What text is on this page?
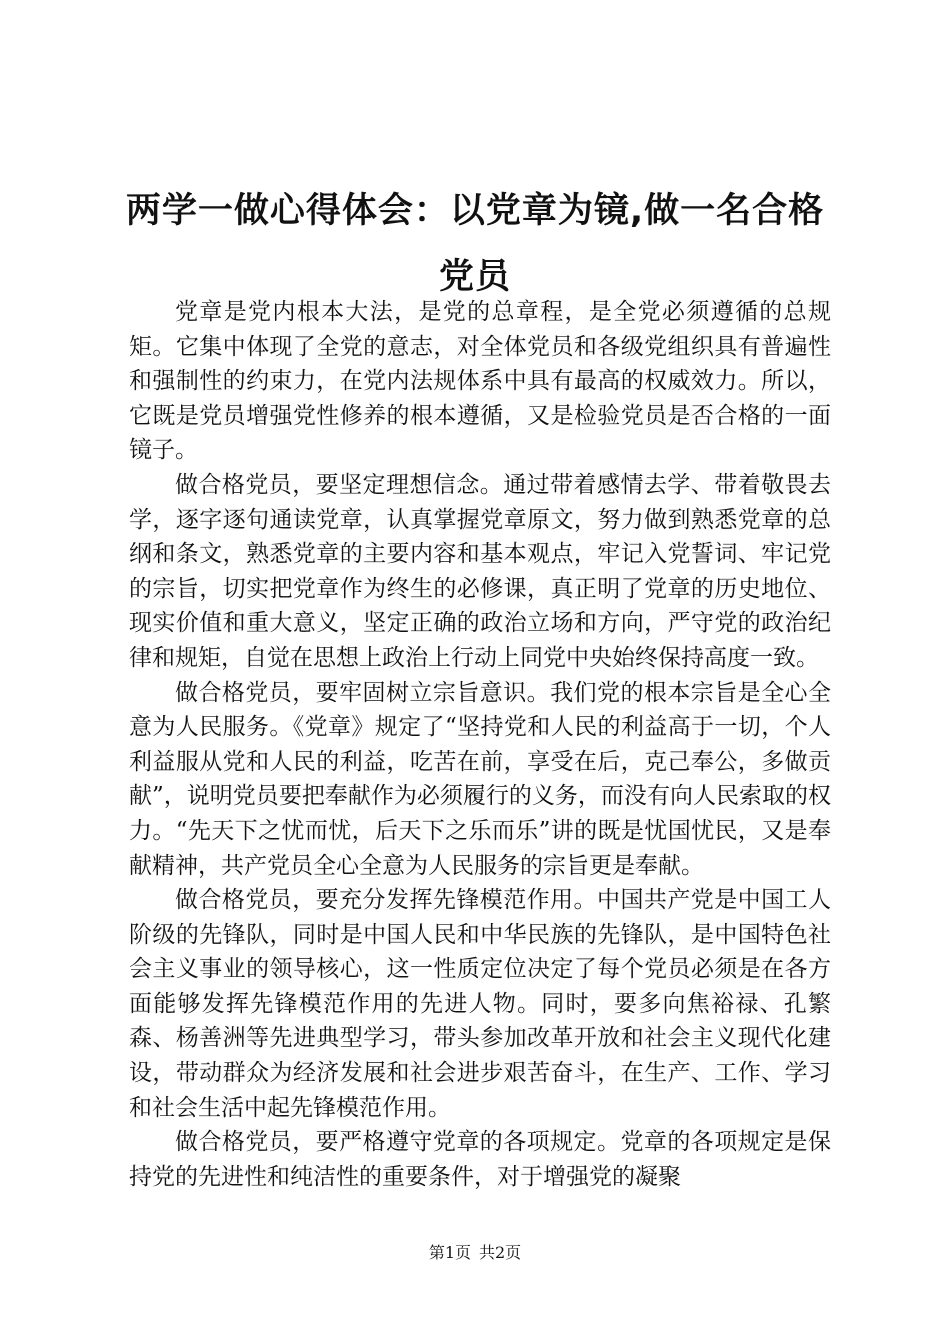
两学一做心得体会：以党章为镜,做一名合格党员

党章是党内根本大法，是党的总章程，是全党必须遵循的总规矩。它集中体现了全党的意志，对全体党员和各级党组织具有普遍性和强制性的约束力，在党内法规体系中具有最高的权威效力。所以，它既是党员增强党性修养的根本遵循，又是检验党员是否合格的一面镜子。

做合格党员，要坚定理想信念。通过带着感情去学、带着敬畏去学，逐字逐句通读党章，认真掌握党章原文，努力做到熟悉党章的总纲和条文，熟悉党章的主要内容和基本观点，牢记入党誓词、牢记党的宗旨，切实把党章作为终生的必修课，真正明了党章的历史地位、现实价值和重大意义，坚定正确的政治立场和方向，严守党的政治纪律和规矩，自觉在思想上政治上行动上同党中央始终保持高度一致。

做合格党员，要牢固树立宗旨意识。我们党的根本宗旨是全心全意为人民服务。《党章》规定了“坚持党和人民的利益高于一切，个人利益服从党和人民的利益，吃苦在前，享受在后，克己奉公，多做贡献”，说明党员要把奉献作为必须履行的义务，而没有向人民索取的权力。“先天下之忧而忧，后天下之乐而乐”讲的既是忧国忧民，又是奉献精神，共产党员全心全意为人民服务的宗旨更是奉献。

做合格党员，要充分发挥先锋模范作用。中国共产党是中国工人阶级的先锋队，同时是中国人民和中华民族的先锋队，是中国特色社会主义事业的领导核心，这一性质定位决定了每个党员必须是在各方面能够发挥先锋模范作用的先进人物。同时，要多向焦裕禄、孔繁森、杨善洲等先进典型学习，带头参加改革开放和社会主义现代化建设，带动群众为经济发展和社会进步艰苦奋斗，在生产、工作、学习和社会生活中起先锋模范作用。

做合格党员，要严格遵守党章的各项规定。党章的各项规定是保持党的先进性和纯洁性的重要条件，对于增强党的凝聚

第1页 共2页
